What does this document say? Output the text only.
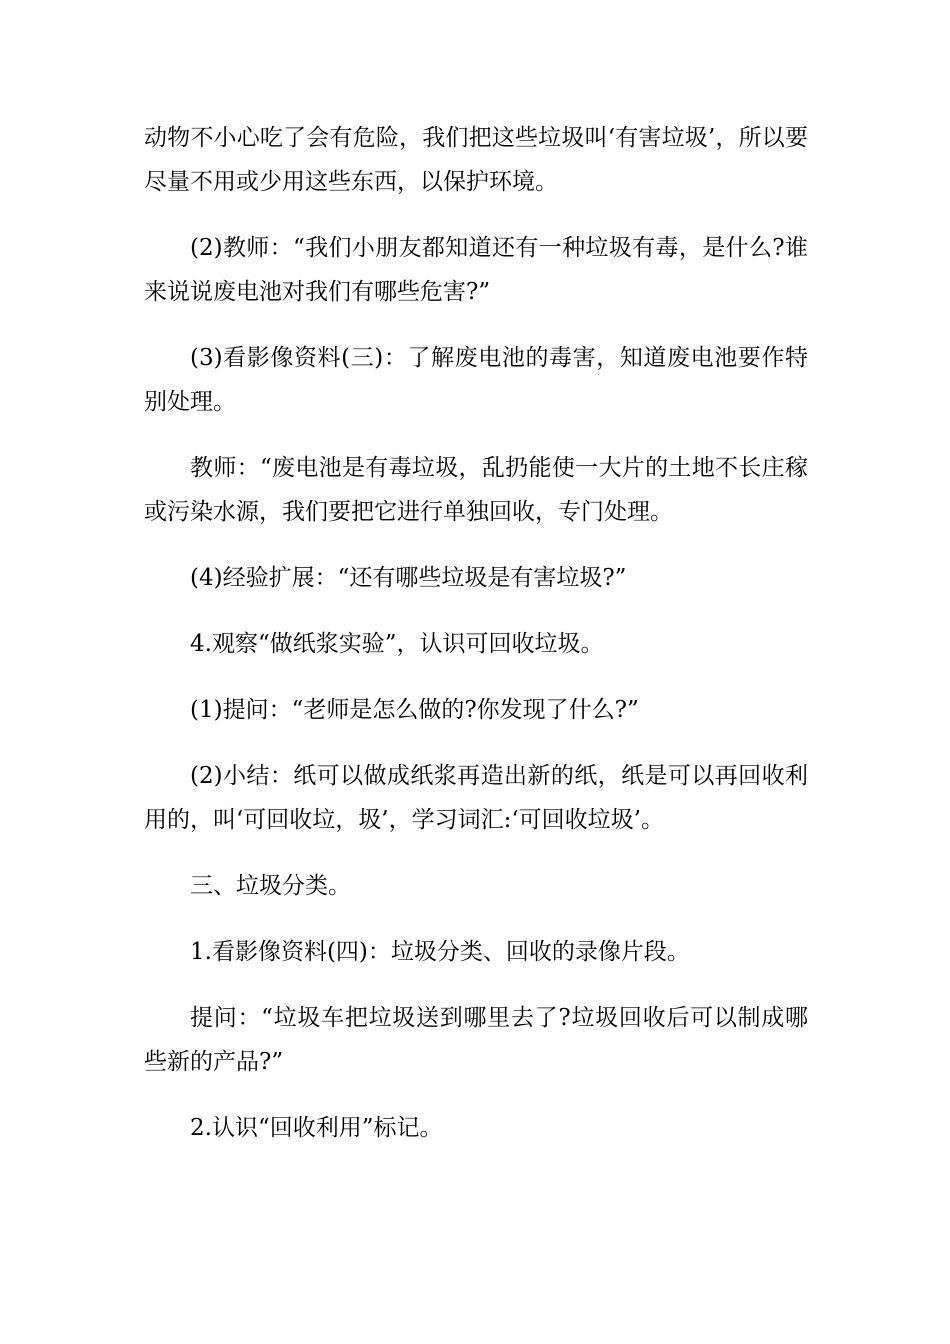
动物不小心吃了会有危险，我们把这些垃圾叫‘有害垃圾’，所以要尽量不用或少用这些东西，以保护环境。

(2)教师：“我们小朋友都知道还有一种垃圾有毒，是什么?谁来说说废电池对我们有哪些危害?”

(3)看影像资料(三)：了解废电池的毒害，知道废电池要作特别处理。

教师：“废电池是有毒垃圾，乱扔能使一大片的土地不长庄稼或污染水源，我们要把它进行单独回收，专门处理。

(4)经验扩展：“还有哪些垃圾是有害垃圾?”

4.观察“做纸浆实验”，认识可回收垃圾。

(1)提问：“老师是怎么做的?你发现了什么?”

(2)小结：纸可以做成纸浆再造出新的纸，纸是可以再回收利用的，叫‘可回收垃，圾’，学习词汇:‘可回收垃圾’。

三、垃圾分类。

1.看影像资料(四)：垃圾分类、回收的录像片段。

提问：“垃圾车把垃圾送到哪里去了?垃圾回收后可以制成哪些新的产品?”

2.认识“回收利用”标记。
